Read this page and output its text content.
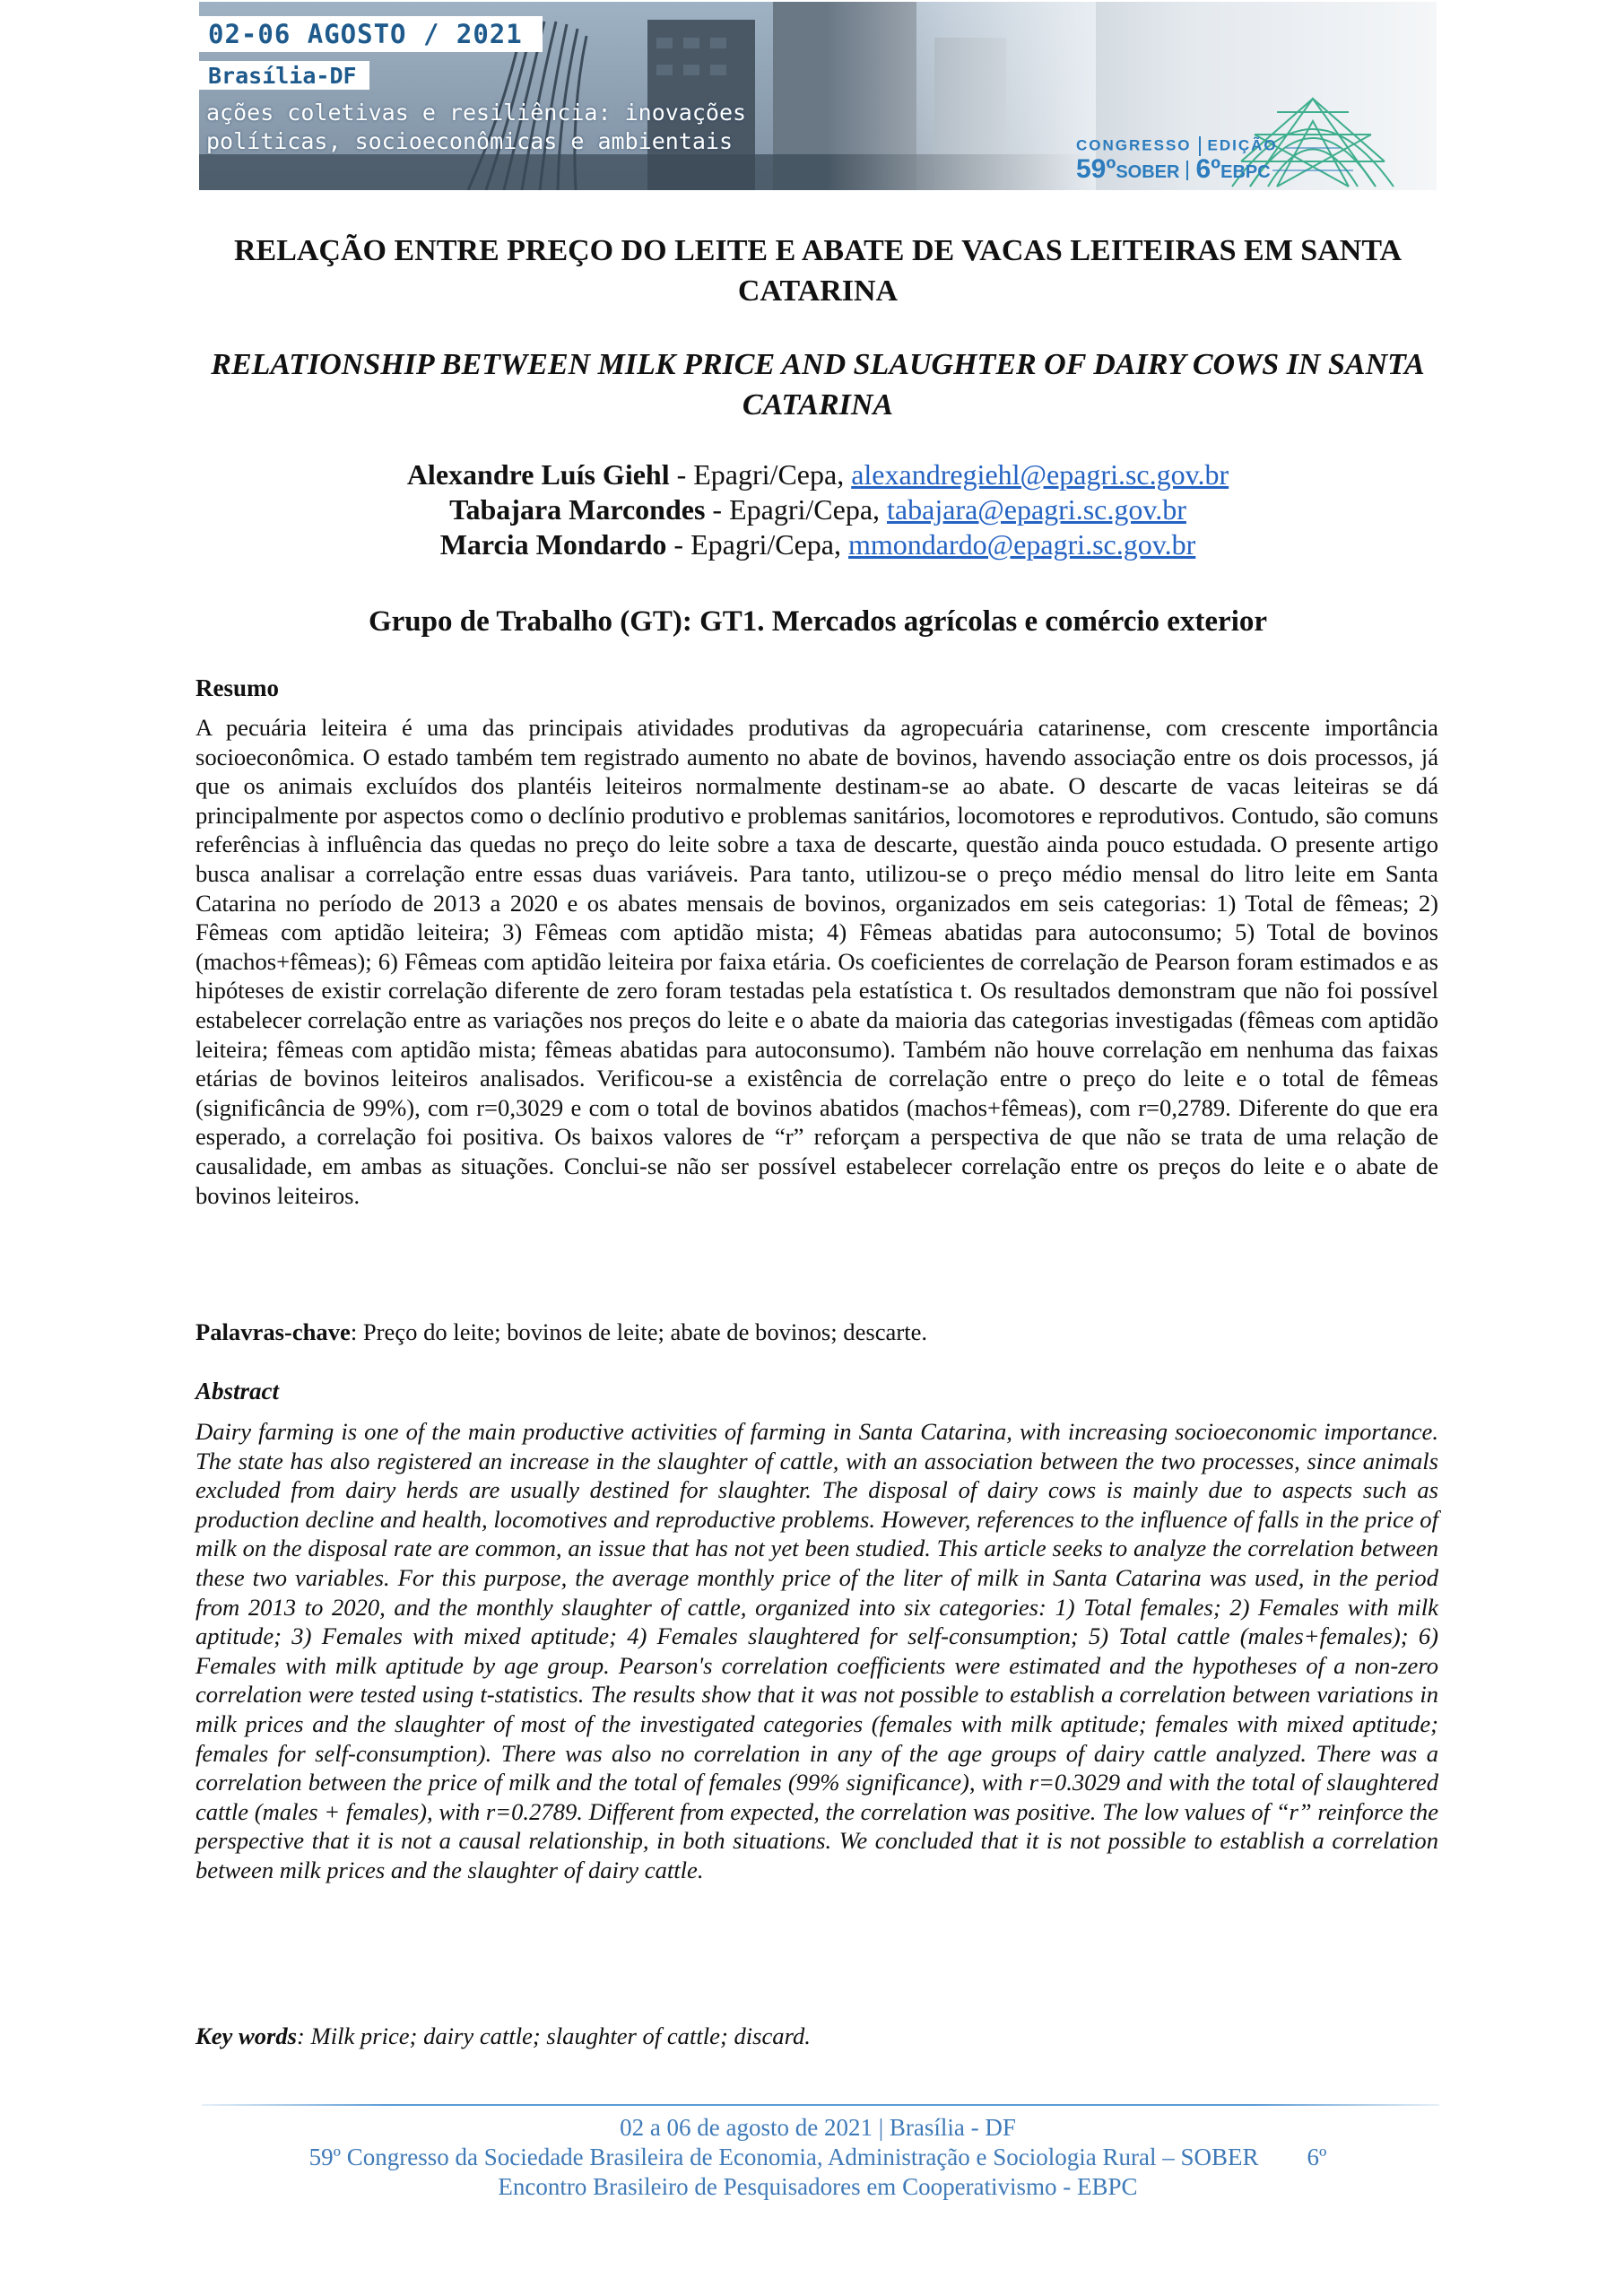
02-06 AGOSTO / 2021
Brasília-DF
ações coletivas e resiliência: inovações
políticas, socioeconômicas e ambientais	CONGRESSO EDIÇÃO
59ºSOBER 6ºEBPC
RELAÇÃO ENTRE PREÇO DO LEITE E ABATE DE VACAS LEITEIRAS EM SANTA CATARINA
RELATIONSHIP BETWEEN MILK PRICE AND SLAUGHTER OF DAIRY COWS IN SANTA CATARINA
Alexandre Luís Giehl - Epagri/Cepa, alexandregiehl@epagri.sc.gov.br
Tabajara Marcondes - Epagri/Cepa, tabajara@epagri.sc.gov.br
Marcia Mondardo - Epagri/Cepa, mmondardo@epagri.sc.gov.br
Grupo de Trabalho (GT): GT1. Mercados agrícolas e comércio exterior
Resumo
A pecuária leiteira é uma das principais atividades produtivas da agropecuária catarinense, com crescente importância socioeconômica. O estado também tem registrado aumento no abate de bovinos, havendo associação entre os dois processos, já que os animais excluídos dos plantéis leiteiros normalmente destinam-se ao abate. O descarte de vacas leiteiras se dá principalmente por aspectos como o declínio produtivo e problemas sanitários, locomotores e reprodutivos. Contudo, são comuns referências à influência das quedas no preço do leite sobre a taxa de descarte, questão ainda pouco estudada. O presente artigo busca analisar a correlação entre essas duas variáveis. Para tanto, utilizou-se o preço médio mensal do litro leite em Santa Catarina no período de 2013 a 2020 e os abates mensais de bovinos, organizados em seis categorias: 1) Total de fêmeas; 2) Fêmeas com aptidão leiteira; 3) Fêmeas com aptidão mista; 4) Fêmeas abatidas para autoconsumo; 5) Total de bovinos (machos+fêmeas); 6) Fêmeas com aptidão leiteira por faixa etária. Os coeficientes de correlação de Pearson foram estimados e as hipóteses de existir correlação diferente de zero foram testadas pela estatística t. Os resultados demonstram que não foi possível estabelecer correlação entre as variações nos preços do leite e o abate da maioria das categorias investigadas (fêmeas com aptidão leiteira; fêmeas com aptidão mista; fêmeas abatidas para autoconsumo). Também não houve correlação em nenhuma das faixas etárias de bovinos leiteiros analisados. Verificou-se a existência de correlação entre o preço do leite e o total de fêmeas (significância de 99%), com r=0,3029 e com o total de bovinos abatidos (machos+fêmeas), com r=0,2789. Diferente do que era esperado, a correlação foi positiva. Os baixos valores de “r” reforçam a perspectiva de que não se trata de uma relação de causalidade, em ambas as situações. Conclui-se não ser possível estabelecer correlação entre os preços do leite e o abate de bovinos leiteiros.
Palavras-chave: Preço do leite; bovinos de leite; abate de bovinos; descarte.
Abstract
Dairy farming is one of the main productive activities of farming in Santa Catarina, with increasing socioeconomic importance. The state has also registered an increase in the slaughter of cattle, with an association between the two processes, since animals excluded from dairy herds are usually destined for slaughter. The disposal of dairy cows is mainly due to aspects such as production decline and health, locomotives and reproductive problems. However, references to the influence of falls in the price of milk on the disposal rate are common, an issue that has not yet been studied. This article seeks to analyze the correlation between these two variables. For this purpose, the average monthly price of the liter of milk in Santa Catarina was used, in the period from 2013 to 2020, and the monthly slaughter of cattle, organized into six categories: 1) Total females; 2) Females with milk aptitude; 3) Females with mixed aptitude; 4) Females slaughtered for self-consumption; 5) Total cattle (males+females); 6) Females with milk aptitude by age group. Pearson's correlation coefficients were estimated and the hypotheses of a non-zero correlation were tested using t-statistics. The results show that it was not possible to establish a correlation between variations in milk prices and the slaughter of most of the investigated categories (females with milk aptitude; females with mixed aptitude; females for self-consumption). There was also no correlation in any of the age groups of dairy cattle analyzed. There was a correlation between the price of milk and the total of females (99% significance), with r=0.3029 and with the total of slaughtered cattle (males + females), with r=0.2789. Different from expected, the correlation was positive. The low values of “r” reinforce the perspective that it is not a causal relationship, in both situations. We concluded that it is not possible to establish a correlation between milk prices and the slaughter of dairy cattle.
Key words: Milk price; dairy cattle; slaughter of cattle; discard.
02 a 06 de agosto de 2021 | Brasília - DF
59º Congresso da Sociedade Brasileira de Economia, Administração e Sociologia Rural – SOBER        6º
Encontro Brasileiro de Pesquisadores em Cooperativismo - EBPC
